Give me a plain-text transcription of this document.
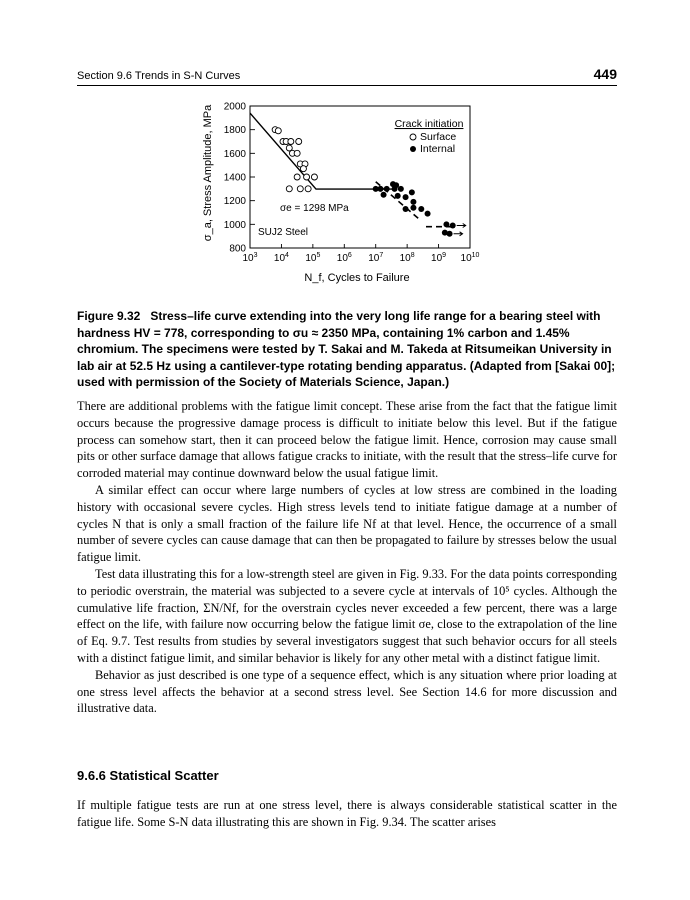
Section 9.6 Trends in S-N Curves	449
800
1000
1200
1400
1600
1800
2000
$10^3$ $10^4$ $10^5$ $10^6$ $10^7$ $10^8$ $10^9$ $10^{10}$
σ_a, Stress Amplitude, MPa
N_f, Cycles to Failure
Crack initiation
Surface
Internal
σe = 1298 MPa
SUJ2 Steel
Figure 9.32 Stress–life curve extending into the very long life range for a bearing steel with hardness HV = 778, corresponding to σu ≈ 2350 MPa, containing 1% carbon and 1.45% chromium. The specimens were tested by T. Sakai and M. Takeda at Ritsumeikan University in lab air at 52.5 Hz using a cantilever-type rotating bending apparatus. (Adapted from [Sakai 00]; used with permission of the Society of Materials Science, Japan.)

There are additional problems with the fatigue limit concept. These arise from the fact that the fatigue limit occurs because the progressive damage process is difficult to initiate below this level. But if the fatigue process can somehow start, then it can proceed below the fatigue limit. Hence, corrosion may cause small pits or other surface damage that allows fatigue cracks to initiate, with the result that the stress–life curve for corroded material may continue downward below the usual fatigue limit.

A similar effect can occur where large numbers of cycles at low stress are combined in the loading history with occasional severe cycles. High stress levels tend to initiate fatigue damage at a number of cycles N that is only a small fraction of the failure life Nf at that level. Hence, the occurrence of a small number of severe cycles can cause damage that can then be propagated to failure by stresses below the usual fatigue limit.

Test data illustrating this for a low-strength steel are given in Fig. 9.33. For the data points corresponding to periodic overstrain, the material was subjected to a severe cycle at intervals of 10⁵ cycles. Although the cumulative life fraction, ΣN/Nf, for the overstrain cycles never exceeded a few percent, there was a large effect on the life, with failure now occurring below the fatigue limit σe, close to the extrapolation of the line of Eq. 9.7. Test results from studies by several investigators suggest that such behavior occurs for all steels with a distinct fatigue limit, and similar behavior is likely for any other metal with a distinct fatigue limit.

Behavior as just described is one type of a sequence effect, which is any situation where prior loading at one stress level affects the behavior at a second stress level. See Section 14.6 for more discussion and illustrative data.

9.6.6 Statistical Scatter

If multiple fatigue tests are run at one stress level, there is always considerable statistical scatter in the fatigue life. Some S-N data illustrating this are shown in Fig. 9.34. The scatter arises
